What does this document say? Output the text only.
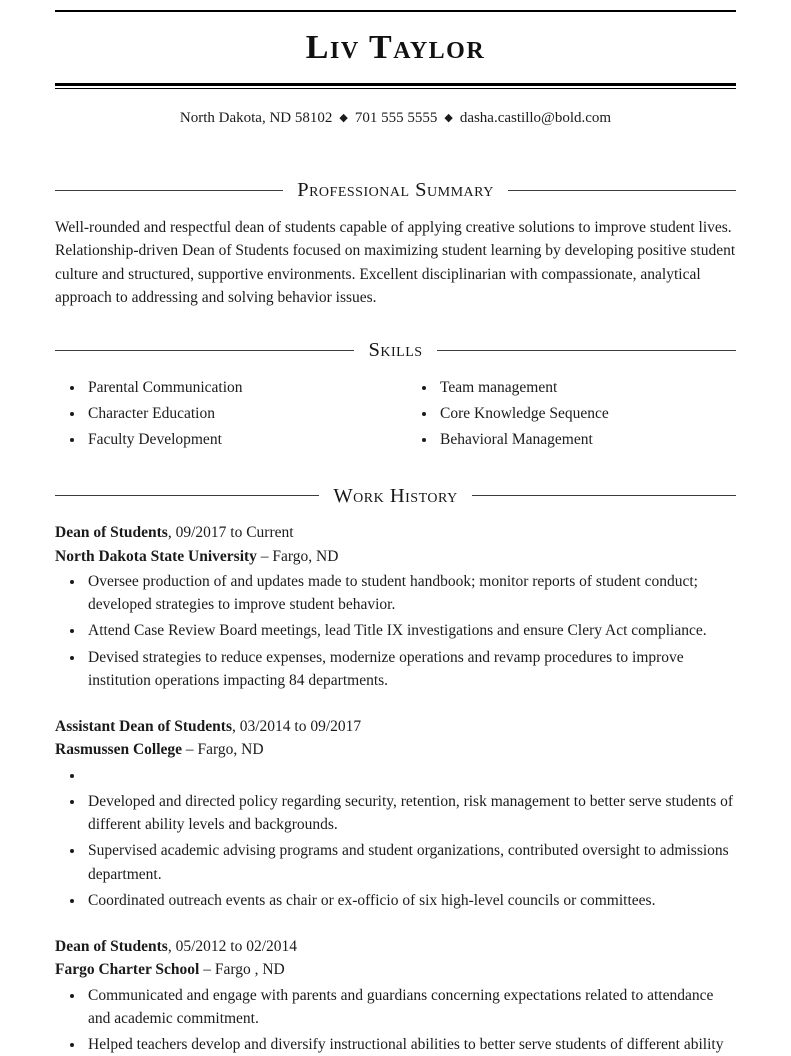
Liv Taylor

North Dakota, ND 58102 ◆ 701 555 5555 ◆ dasha.castillo@bold.com

Professional Summary

Well-rounded and respectful dean of students capable of applying creative solutions to improve student lives. Relationship-driven Dean of Students focused on maximizing student learning by developing positive student culture and structured, supportive environments. Excellent disciplinarian with compassionate, analytical approach to addressing and solving behavior issues.

Skills
• Parental Communication
• Character Education
• Faculty Development
• Team management
• Core Knowledge Sequence
• Behavioral Management
Work History

Dean of Students, 09/2017 to Current

North Dakota State University – Fargo, ND

• Oversee production of and updates made to student handbook; monitor reports of student conduct; developed strategies to improve student behavior.
• Attend Case Review Board meetings, lead Title IX investigations and ensure Clery Act compliance.
• Devised strategies to reduce expenses, modernize operations and revamp procedures to improve institution operations impacting 84 departments.

Assistant Dean of Students, 03/2014 to 09/2017

Rasmussen College – Fargo, ND

•
• Developed and directed policy regarding security, retention, risk management to better serve students of different ability levels and backgrounds.
• Supervised academic advising programs and student organizations, contributed oversight to admissions department.
• Coordinated outreach events as chair or ex-officio of six high-level councils or committees.

Dean of Students, 05/2012 to 02/2014

Fargo Charter School – Fargo , ND

• Communicated and engage with parents and guardians concerning expectations related to attendance and academic commitment.
• Helped teachers develop and diversify instructional abilities to better serve students of different ability
